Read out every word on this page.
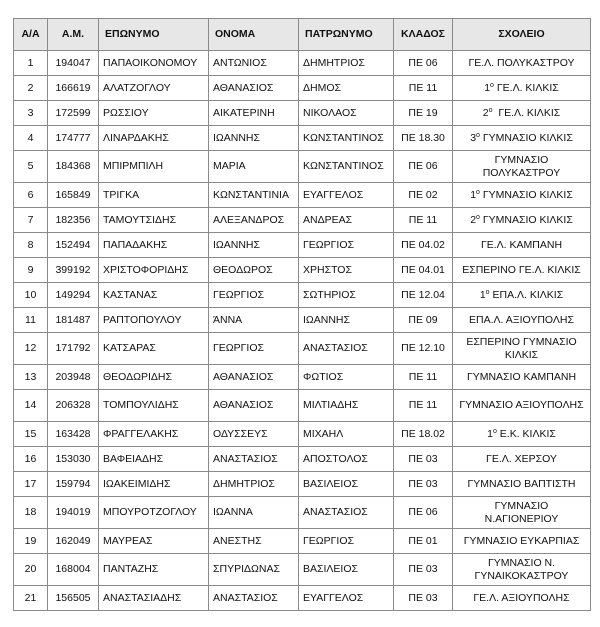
Α/Α	Α.Μ.	ΕΠΩΝΥΜΟ	ΟΝΟΜΑ	ΠΑΤΡΩΝΥΜΟ	ΚΛΑΔΟΣ	ΣΧΟΛΕΙΟ
1	194047	ΠΑΠΑΟΙΚΟΝΟΜΟΥ	ΑΝΤΩΝΙΟΣ	ΔΗΜΗΤΡΙΟΣ	ΠΕ 06	ΓΕ.Λ. ΠΟΛΥΚΑΣΤΡΟΥ
2	166619	ΑΛΑΤΖΟΓΛΟΥ	ΑΘΑΝΑΣΙΟΣ	ΔΗΜΟΣ	ΠΕ 11	$1^o$ ΓΕ.Λ. ΚΙΛΚΙΣ
3	172599	ΡΩΣΣΙΟΥ	ΑΙΚΑΤΕΡΙΝΗ	ΝΙΚΟΛΑΟΣ	ΠΕ 19	$2^o$  ΓΕ.Λ. ΚΙΛΚΙΣ
4	174777	ΛΙΝΑΡΔΑΚΗΣ	ΙΩΑΝΝΗΣ	ΚΩΝΣΤΑΝΤΙΝΟΣ	ΠΕ 18.30	$3^o$ ΓΥΜΝΑΣΙΟ ΚΙΛΚΙΣ
5	184368	ΜΠΙΡΜΠΙΛΗ	ΜΑΡΙΑ	ΚΩΝΣΤΑΝΤΙΝΟΣ	ΠΕ 06	ΓΥΜΝΑΣΙΟ ΠΟΛΥΚΑΣΤΡΟΥ
6	165849	ΤΡΙΓΚΑ	ΚΩΝΣΤΑΝΤΙΝΙΑ	ΕΥΑΓΓΕΛΟΣ	ΠΕ 02	$1^o$ ΓΥΜΝΑΣΙΟ ΚΙΛΚΙΣ
7	182356	ΤΑΜΟΥΤΣΙΔΗΣ	ΑΛΕΞΑΝΔΡΟΣ	ΑΝΔΡΕΑΣ	ΠΕ 11	$2^o$ ΓΥΜΝΑΣΙΟ ΚΙΛΚΙΣ
8	152494	ΠΑΠΑΔΑΚΗΣ	ΙΩΑΝΝΗΣ	ΓΕΩΡΓΙΟΣ	ΠΕ 04.02	ΓΕ.Λ. ΚΑΜΠΑΝΗ
9	399192	ΧΡΙΣΤΟΦΟΡΙΔΗΣ	ΘΕΟΔΩΡΟΣ	ΧΡΗΣΤΟΣ	ΠΕ 04.01	ΕΣΠΕΡΙΝΟ ΓΕ.Λ. ΚΙΛΚΙΣ
10	149294	ΚΑΣΤΑΝΑΣ	ΓΕΩΡΓΙΟΣ	ΣΩΤΗΡΙΟΣ	ΠΕ 12.04	$1^o$ ΕΠΑ.Λ. ΚΙΛΚΙΣ
11	181487	ΡΑΠΤΟΠΟΥΛΟΥ	ΆΝΝΑ	ΙΩΑΝΝΗΣ	ΠΕ 09	ΕΠΑ.Λ. ΑΞΙΟΥΠΟΛΗΣ
12	171792	ΚΑΤΣΑΡΑΣ	ΓΕΩΡΓΙΟΣ	ΑΝΑΣΤΑΣΙΟΣ	ΠΕ 12.10	ΕΣΠΕΡΙΝΟ ΓΥΜΝΑΣΙΟ ΚΙΛΚΙΣ
13	203948	ΘΕΟΔΩΡΙΔΗΣ	ΑΘΑΝΑΣΙΟΣ	ΦΩΤΙΟΣ	ΠΕ 11	ΓΥΜΝΑΣΙΟ ΚΑΜΠΑΝΗ
14	206328	ΤΟΜΠΟΥΛΙΔΗΣ	ΑΘΑΝΑΣΙΟΣ	ΜΙΛΤΙΑΔΗΣ	ΠΕ 11	ΓΥΜΝΑΣΙΟ ΑΞΙΟΥΠΟΛΗΣ
15	163428	ΦΡΑΓΓΕΛΑΚΗΣ	ΟΔΥΣΣΕΥΣ	ΜΙΧΑΗΛ	ΠΕ 18.02	$1^o$ Ε.Κ. ΚΙΛΚΙΣ
16	153030	ΒΑΦΕΙΑΔΗΣ	ΑΝΑΣΤΑΣΙΟΣ	ΑΠΟΣΤΟΛΟΣ	ΠΕ 03	ΓΕ.Λ. ΧΕΡΣΟΥ
17	159794	ΙΩΑΚΕΙΜΙΔΗΣ	ΔΗΜΗΤΡΙΟΣ	ΒΑΣΙΛΕΙΟΣ	ΠΕ 03	ΓΥΜΝΑΣΙΟ ΒΑΠΤΙΣΤΗ
18	194019	ΜΠΟΥΡΟΤΖΟΓΛΟΥ	ΙΩΑΝΝΑ	ΑΝΑΣΤΑΣΙΟΣ	ΠΕ 06	ΓΥΜΝΑΣΙΟ Ν.ΑΓΙΟΝΕΡΙΟΥ
19	162049	ΜΑΥΡΕΑΣ	ΑΝΕΣΤΗΣ	ΓΕΩΡΓΙΟΣ	ΠΕ 01	ΓΥΜΝΑΣΙΟ ΕΥΚΑΡΠΙΑΣ
20	168004	ΠΑΝΤΑΖΗΣ	ΣΠΥΡΙΔΩΝΑΣ	ΒΑΣΙΛΕΙΟΣ	ΠΕ 03	ΓΥΜΝΑΣΙΟ Ν. ΓΥΝΑΙΚΟΚΑΣΤΡΟΥ
21	156505	ΑΝΑΣΤΑΣΙΑΔΗΣ	ΑΝΑΣΤΑΣΙΟΣ	ΕΥΑΓΓΕΛΟΣ	ΠΕ 03	ΓΕ.Λ. ΑΞΙΟΥΠΟΛΗΣ
